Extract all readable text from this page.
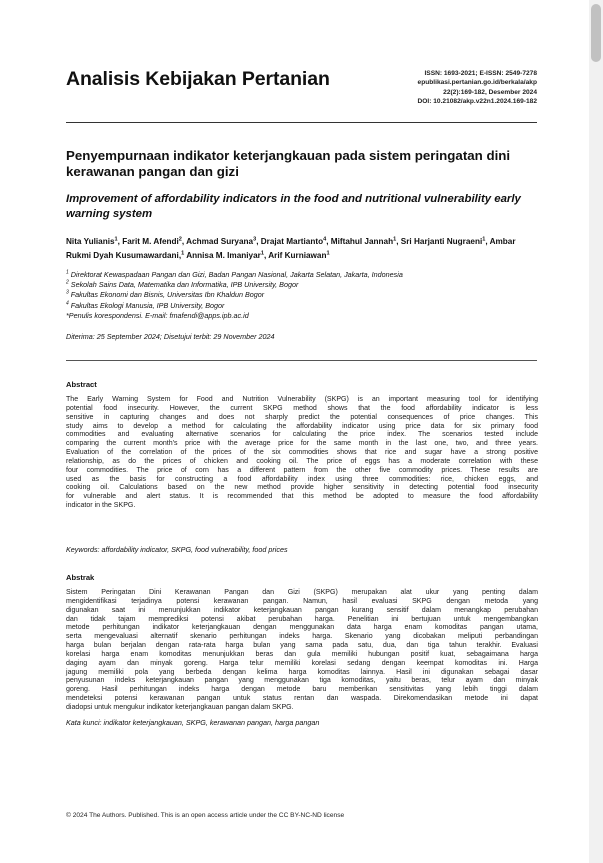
Analisis Kebijakan Pertanian	ISSN: 1693-2021; E-ISSN: 2549-7278
epublikasi.pertanian.go.id/berkala/akp
22(2):169-182, Desember 2024
DOI: 10.21082/akp.v22n1.2024.169-182
Penyempurnaan indikator keterjangkauan pada sistem peringatan dini kerawanan pangan dan gizi
Improvement of affordability indicators in the food and nutritional vulnerability early warning system
Nita Yulianis$^1$, Farit M. Afendi$^2$, Achmad Suryana$^3$, Drajat Martianto$^4$, Miftahul Jannah$^1$, Sri Harjanti Nugraeni$^1$, Ambar Rukmi Dyah Kusumawardani,$^1$ Annisa M. Imaniyar$^1$, Arif Kurniawan$^1$
$^1$ Direktorat Kewaspadaan Pangan dan Gizi, Badan Pangan Nasional, Jakarta Selatan, Jakarta, Indonesia
$^2$ Sekolah Sains Data, Matematika dan Informatika, IPB University, Bogor
$^3$ Fakultas Ekonomi dan Bisnis, Universitas Ibn Khaldun Bogor
$^4$ Fakultas Ekologi Manusia, IPB University, Bogor
*Penulis korespondensi. E-mail: fmafendi@apps.ipb.ac.id
Diterima: 25 September 2024; Disetujui terbit: 29 November 2024
Abstract
The Early Warning System for Food and Nutrition Vulnerability (SKPG) is an important measuring tool for identifying
potential food insecurity. However, the current SKPG method shows that the food affordability indicator is less
sensitive in capturing changes and does not sharply predict the potential consequences of price changes. This
study aims to develop a method for calculating the affordability indicator using price data for six primary food
commodities and evaluating alternative scenarios for calculating the price index. The scenarios tested include
comparing the current month's price with the average price for the same month in the last one, two, and three years.
Evaluation of the correlation of the prices of the six commodities shows that rice and sugar have a strong positive
relationship, as do the prices of chicken and cooking oil. The price of eggs has a moderate correlation with these
four commodities. The price of corn has a different pattern from the other five commodity prices. These results are
used as the basis for constructing a food affordability index using three commodities: rice, chicken eggs, and
cooking oil. Calculations based on the new method provide higher sensitivity in detecting potential food insecurity
for vulnerable and alert status. It is recommended that this method be adopted to measure the food affordability
indicator in the SKPG.
Keywords: affordability indicator, SKPG, food vulnerability, food prices
Abstrak
Sistem Peringatan Dini Kerawanan Pangan dan Gizi (SKPG) merupakan alat ukur yang penting dalam
mengidentifikasi terjadinya potensi kerawanan pangan. Namun, hasil evaluasi SKPG dengan metoda yang
digunakan saat ini menunjukkan indikator keterjangkauan pangan kurang sensitif dalam menangkap perubahan
dan tidak tajam memprediksi potensi akibat perubahan harga. Penelitian ini bertujuan untuk mengembangkan
metode perhitungan indikator keterjangkauan dengan menggunakan data harga enam komoditas pangan utama,
serta mengevaluasi alternatif skenario perhitungan indeks harga. Skenario yang dicobakan meliputi perbandingan
harga bulan berjalan dengan rata-rata harga bulan yang sama pada satu, dua, dan tiga tahun terakhir. Evaluasi
korelasi harga enam komoditas menunjukkan beras dan gula memiliki hubungan positif kuat, sebagaimana harga
daging ayam dan minyak goreng. Harga telur memiliki korelasi sedang dengan keempat komoditas ini. Harga
jagung memiliki pola yang berbeda dengan kelima harga komoditas lainnya. Hasil ini digunakan sebagai dasar
penyusunan indeks keterjangkauan pangan yang menggunakan tiga komoditas, yaitu beras, telur ayam dan minyak
goreng. Hasil perhitungan indeks harga dengan metode baru memberikan sensitivitas yang lebih tinggi dalam
mendeteksi potensi kerawanan pangan untuk status rentan dan waspada. Direkomendasikan metode ini dapat
diadopsi untuk mengukur indikator keterjangkauan pangan dalam SKPG.
Kata kunci: indikator keterjangkauan, SKPG, kerawanan pangan, harga pangan
© 2024 The Authors. Published. This is an open access article under the CC BY-NC-ND license
